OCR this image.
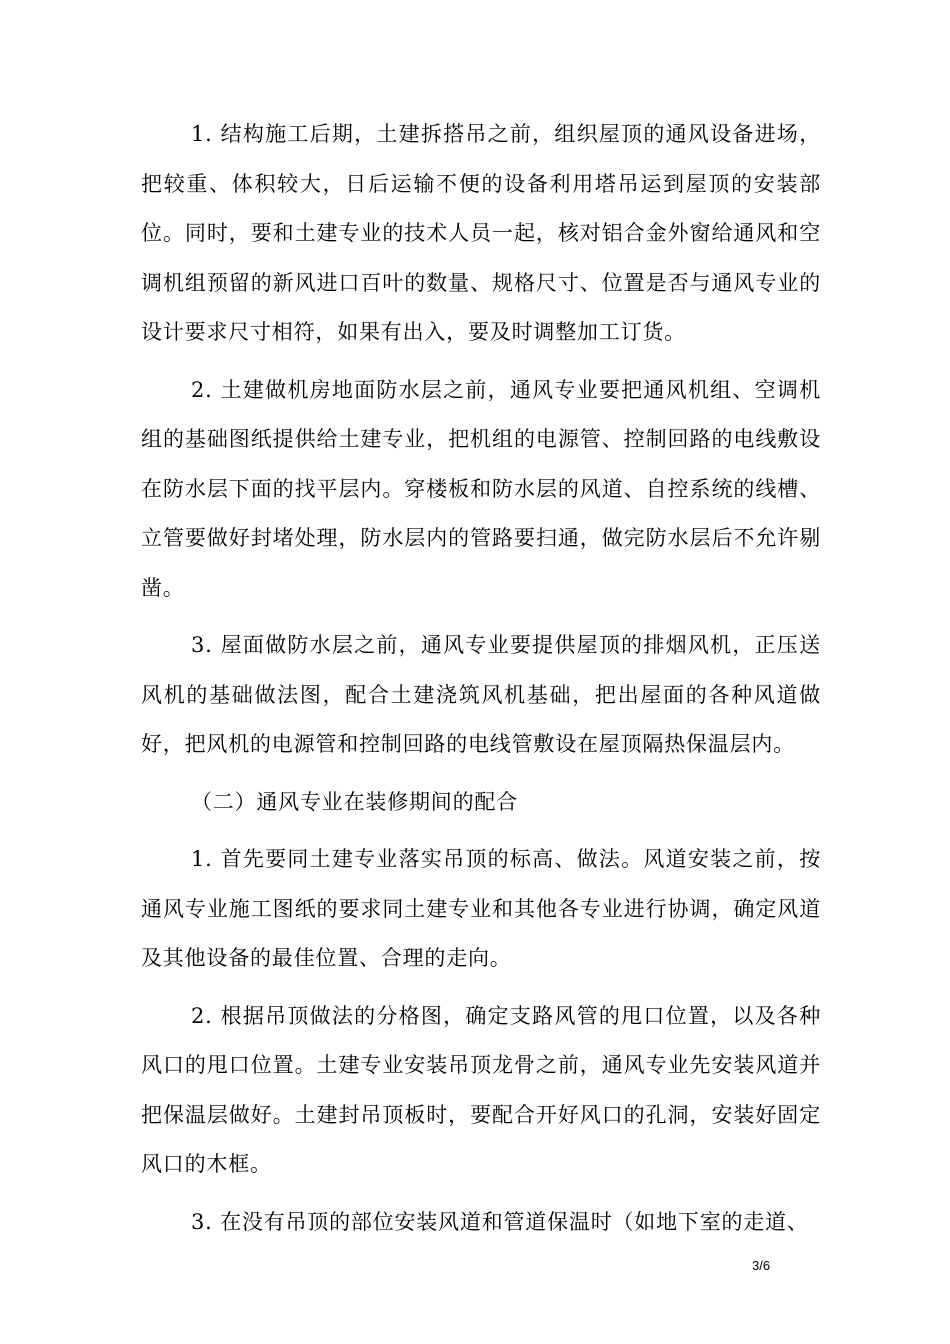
1. 结构施工后期，土建拆搭吊之前，组织屋顶的通风设备进场，把较重、体积较大，日后运输不便的设备利用塔吊运到屋顶的安装部位。同时，要和土建专业的技术人员一起，核对铝合金外窗给通风和空调机组预留的新风进口百叶的数量、规格尺寸、位置是否与通风专业的设计要求尺寸相符，如果有出入，要及时调整加工订货。

2. 土建做机房地面防水层之前，通风专业要把通风机组、空调机组的基础图纸提供给土建专业，把机组的电源管、控制回路的电线敷设在防水层下面的找平层内。穿楼板和防水层的风道、自控系统的线槽、立管要做好封堵处理，防水层内的管路要扫通，做完防水层后不允许剔凿。

3. 屋面做防水层之前，通风专业要提供屋顶的排烟风机，正压送风机的基础做法图，配合土建浇筑风机基础，把出屋面的各种风道做好，把风机的电源管和控制回路的电线管敷设在屋顶隔热保温层内。

（二）通风专业在装修期间的配合

1. 首先要同土建专业落实吊顶的标高、做法。风道安装之前，按通风专业施工图纸的要求同土建专业和其他各专业进行协调，确定风道及其他设备的最佳位置、合理的走向。

2. 根据吊顶做法的分格图，确定支路风管的甩口位置，以及各种风口的甩口位置。土建专业安装吊顶龙骨之前，通风专业先安装风道并把保温层做好。土建封吊顶板时，要配合开好风口的孔洞，安装好固定风口的木框。

3. 在没有吊顶的部位安装风道和管道保温时（如地下室的走道、

3/6
